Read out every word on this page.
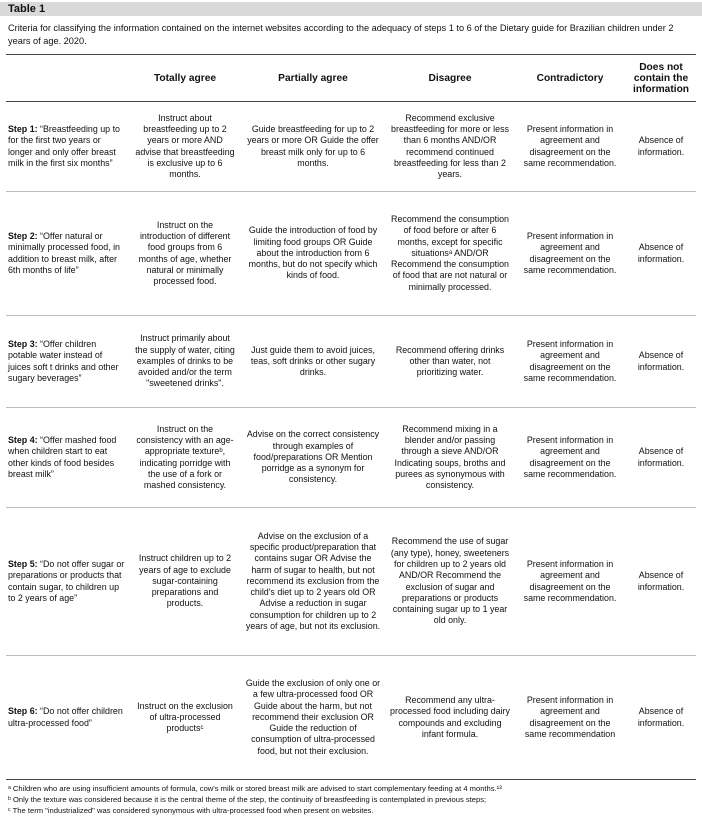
Table 1
Criteria for classifying the information contained on the internet websites according to the adequacy of steps 1 to 6 of the Dietary guide for Brazilian children under 2 years of age. 2020.
	Totally agree	Partially agree	Disagree	Contradictory	Does not contain the information
Step 1: “Breastfeeding up to for the first two years or longer and only offer breast milk in the first six months”	Instruct about breastfeeding up to 2 years or more AND advise that breastfeeding is exclusive up to 6 months.	Guide breastfeeding for up to 2 years or more OR Guide the offer breast milk only for up to 6 months.	Recommend exclusive breastfeeding for more or less than 6 months AND/OR recommend continued breastfeeding for less than 2 years.	Present information in agreement and disagreement on the same recommendation.	Absence of information.
Step 2: “Offer natural or minimally processed food, in addition to breast milk, after 6th months of life”	Instruct on the introduction of different food groups from 6 months of age, whether natural or minimally processed food.	Guide the introduction of food by limiting food groups OR Guide about the introduction from 6 months, but do not specify which kinds of food.	Recommend the consumption of food before or after 6 months, except for specific situationsᵃ AND/OR Recommend the consumption of food that are not natural or minimally processed.	Present information in agreement and disagreement on the same recommendation.	Absence of information.
Step 3: “Offer children potable water instead of juices soft t drinks and other sugary beverages”	Instruct primarily about the supply of water, citing examples of drinks to be avoided and/or the term "sweetened drinks".	Just guide them to avoid juices, teas, soft drinks or other sugary drinks.	Recommend offering drinks other than water, not prioritizing water.	Present information in agreement and disagreement on the same recommendation.	Absence of information.
Step 4: “Offer mashed food when children start to eat other kinds of food besides breast milk”	Instruct on the consistency with an age-appropriate textureᵇ, indicating porridge with the use of a fork or mashed consistency.	Advise on the correct consistency through examples of food/preparations OR Mention porridge as a synonym for consistency.	Recommend mixing in a blender and/or passing through a sieve AND/OR Indicating soups, broths and purees as synonymous with consistency.	Present information in agreement and disagreement on the same recommendation.	Absence of information.
Step 5: “Do not offer sugar or preparations or products that contain sugar, to children up to 2 years of age”	Instruct children up to 2 years of age to exclude sugar-containing preparations and products.	Advise on the exclusion of a specific product/preparation that contains sugar OR Advise the harm of sugar to health, but not recommend its exclusion from the child's diet up to 2 years old OR Advise a reduction in sugar consumption for children up to 2 years of age, but not its exclusion.	Recommend the use of sugar (any type), honey, sweeteners for children up to 2 years old AND/OR Recommend the exclusion of sugar and preparations or products containing sugar up to 1 year old only.	Present information in agreement and disagreement on the same recommendation.	Absence of information.
Step 6: “Do not offer children ultra-processed food”	Instruct on the exclusion of ultra-processed productsᶜ	Guide the exclusion of only one or a few ultra-processed food OR Guide about the harm, but not recommend their exclusion OR Guide the reduction of consumption of ultra-processed food, but not their exclusion.	Recommend any ultra-processed food including dairy compounds and excluding infant formula.	Present information in agreement and disagreement on the same recommendation	Absence of information.
ᵃ Children who are using insufficient amounts of formula, cow's milk or stored breast milk are advised to start complementary feeding at 4 months.¹³
ᵇ Only the texture was considered because it is the central theme of the step, the continuity of breastfeeding is contemplated in previous steps;
ᶜ The term "industrialized" was considered synonymous with ultra-processed food when present on websites.
